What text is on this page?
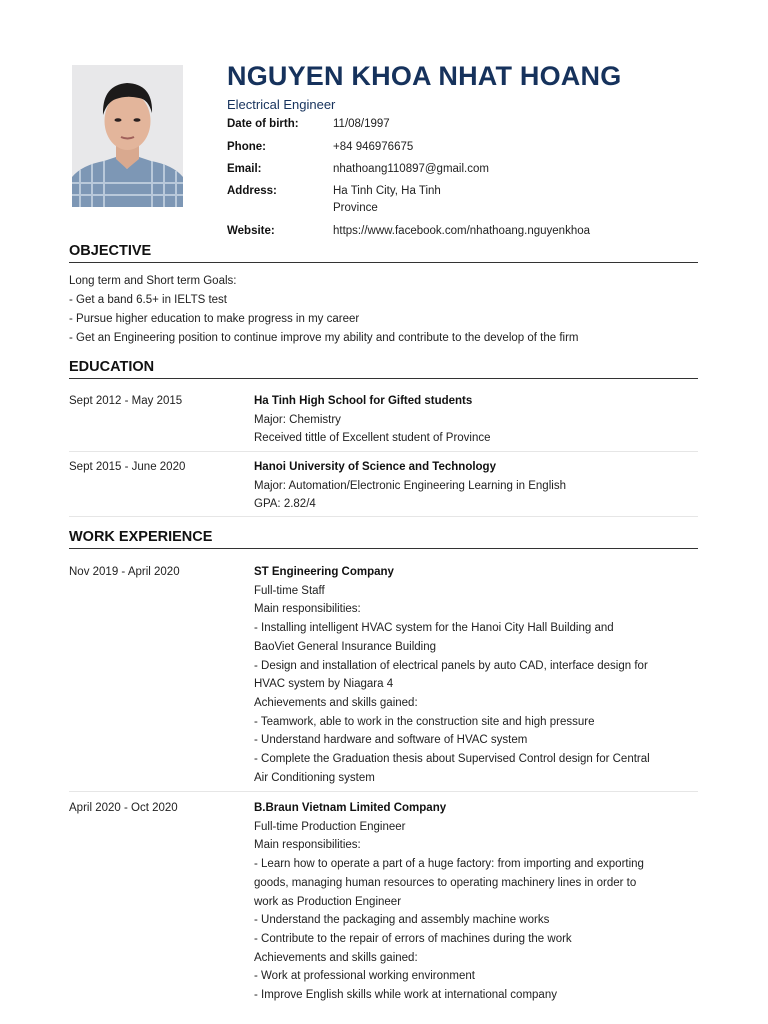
NGUYEN KHOA NHAT HOANG
Electrical Engineer
Date of birth:	11/08/1997
Phone:	+84 946976675
Email:	nhathoang110897@gmail.com
Address:	Ha Tinh City, Ha Tinh Province
Website:	https://www.facebook.com/nhathoang.nguyenkhoa
OBJECTIVE
Long term and Short term Goals:
- Get a band 6.5+ in IELTS test
- Pursue higher education to make progress in my career
- Get an Engineering position to continue improve my ability and contribute to the develop of the firm
EDUCATION
Sept 2012 - May 2015	Ha Tinh High School for Gifted students
Major: Chemistry
Received tittle of Excellent student of Province
Sept 2015 - June 2020	Hanoi University of Science and Technology
Major: Automation/Electronic Engineering Learning in English
GPA: 2.82/4
WORK EXPERIENCE
Nov 2019 - April 2020	ST Engineering Company
Full-time Staff
Main responsibilities:
- Installing intelligent HVAC system for the Hanoi City Hall Building and
BaoViet General Insurance Building
- Design and installation of electrical panels by auto CAD, interface design for
HVAC system by Niagara 4
Achievements and skills gained:
- Teamwork, able to work in the construction site and high pressure
- Understand hardware and software of HVAC system
- Complete the Graduation thesis about Supervised Control design for Central
Air Conditioning system
April 2020 - Oct 2020	B.Braun Vietnam Limited Company
Full-time Production Engineer
Main responsibilities:
- Learn how to operate a part of a huge factory: from importing and exporting
goods, managing human resources to operating machinery lines in order to
work as Production Engineer
- Understand the packaging and assembly machine works
- Contribute to the repair of errors of machines during the work
Achievements and skills gained:
- Work at professional working environment
- Improve English skills while work at international company
